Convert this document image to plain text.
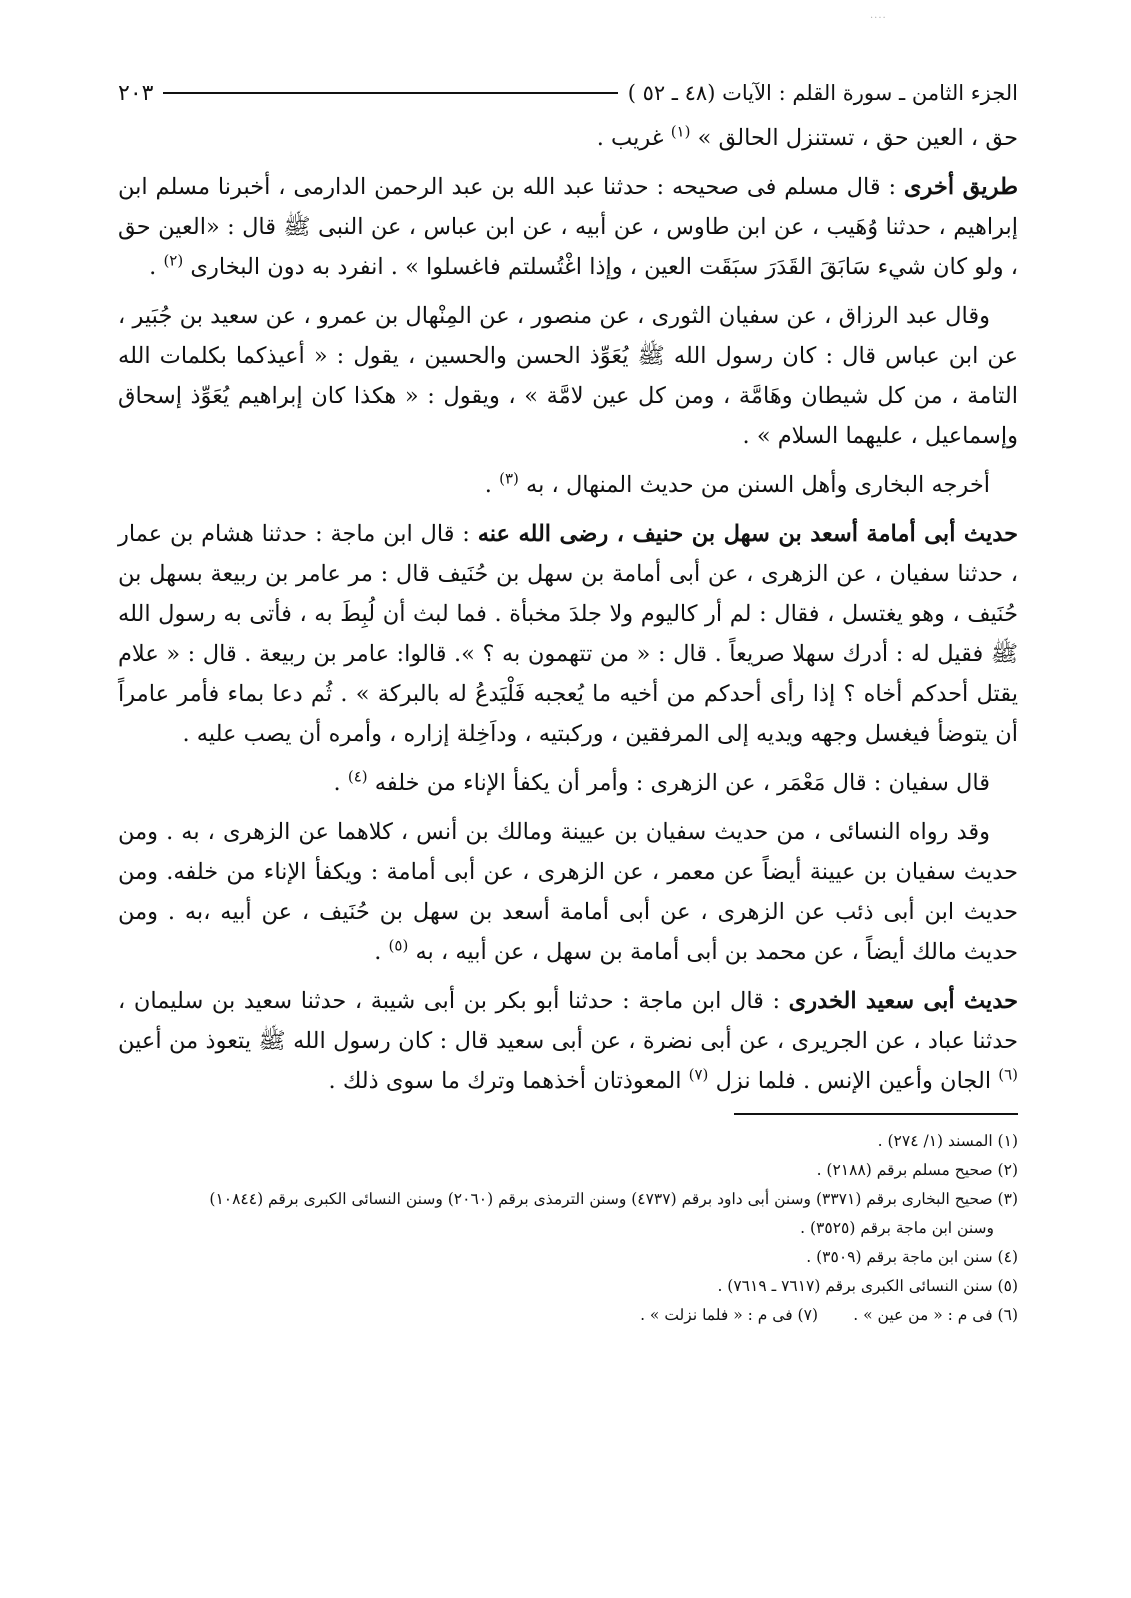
....
الجزء الثامن ـ سورة القلم : الآيات (٤٨ ـ ٥٢ )
٢٠٣

حق ، العين حق ، تستنزل الحالق » $^{(١)}$ غريب .

طريق أخرى : قال مسلم فى صحيحه : حدثنا عبد الله بن عبد الرحمن الدارمى ، أخبرنا مسلم ابن إبراهيم ، حدثنا وُهَيب ، عن ابن طاوس ، عن أبيه ، عن ابن عباس ، عن النبى ﷺ قال : «العين حق ، ولو كان شيء سَابَقَ القَدَرَ سبَقَت العين ، وإذا اغْتُسلتم فاغسلوا » . انفرد به دون البخارى $^{(٢)}$ .

وقال عبد الرزاق ، عن سفيان الثورى ، عن منصور ، عن المِنْهال بن عمرو ، عن سعيد بن جُبَير ، عن ابن عباس قال : كان رسول الله ﷺ يُعَوِّذ الحسن والحسين ، يقول : « أعيذكما بكلمات الله التامة ، من كل شيطان وهَامَّة ، ومن كل عين لامَّة » ، ويقول : « هكذا كان إبراهيم يُعَوِّذ إسحاق وإسماعيل ، عليهما السلام » .

أخرجه البخارى وأهل السنن من حديث المنهال ، به $^{(٣)}$ .

حديث أبى أمامة أسعد بن سهل بن حنيف ، رضى الله عنه : قال ابن ماجة : حدثنا هشام بن عمار ، حدثنا سفيان ، عن الزهرى ، عن أبى أمامة بن سهل بن حُنَيف قال : مر عامر بن ربيعة بسهل بن حُنَيف ، وهو يغتسل ، فقال : لم أر كاليوم ولا جلدَ مخبأة . فما لبث أن لُبِطَ به ، فأتى به رسول الله ﷺ فقيل له : أدرك سهلا صريعاً . قال : « من تتهمون به ؟ ». قالوا: عامر بن ربيعة . قال : « علام يقتل أحدكم أخاه ؟ إذا رأى أحدكم من أخيه ما يُعجبه فَلْيَدعُ له بالبركة » . ثُم دعا بماء فأمر عامراً أن يتوضأ فيغسل وجهه ويديه إلى المرفقين ، وركبتيه ، وداَخِلة إزاره ، وأمره أن يصب عليه .

قال سفيان : قال مَعْمَر ، عن الزهرى : وأمر أن يكفأ الإناء من خلفه $^{(٤)}$ .

وقد رواه النسائى ، من حديث سفيان بن عيينة ومالك بن أنس ، كلاهما عن الزهرى ، به . ومن حديث سفيان بن عيينة أيضاً عن معمر ، عن الزهرى ، عن أبى أمامة : ويكفأ الإناء من خلفه. ومن حديث ابن أبى ذئب عن الزهرى ، عن أبى أمامة أسعد بن سهل بن حُنَيف ، عن أبيه ،به . ومن حديث مالك أيضاً ، عن محمد بن أبى أمامة بن سهل ، عن أبيه ، به $^{(٥)}$ .

حديث أبى سعيد الخدرى : قال ابن ماجة : حدثنا أبو بكر بن أبى شيبة ، حدثنا سعيد بن سليمان ، حدثنا عباد ، عن الجريرى ، عن أبى نضرة ، عن أبى سعيد قال : كان رسول الله ﷺ يتعوذ من أعين $^{(٦)}$ الجان وأعين الإنس . فلما نزل $^{(٧)}$ المعوذتان أخذهما وترك ما سوى ذلك .

(١) المسند (١/ ٢٧٤) .

(٢) صحيح مسلم برقم (٢١٨٨) .

(٣) صحيح البخارى برقم (٣٣٧١) وسنن أبى داود برقم (٤٧٣٧) وسنن الترمذى برقم (٢٠٦٠) وسنن النسائى الكبرى برقم (١٠٨٤٤)

وسنن ابن ماجة برقم (٣٥٢٥) .

(٤) سنن ابن ماجة برقم (٣٥٠٩) .

(٥) سنن النسائى الكبرى برقم (٧٦١٧ ـ ٧٦١٩) .

(٦) فى م : « من عين » .
(٧) فى م : « فلما نزلت » .
